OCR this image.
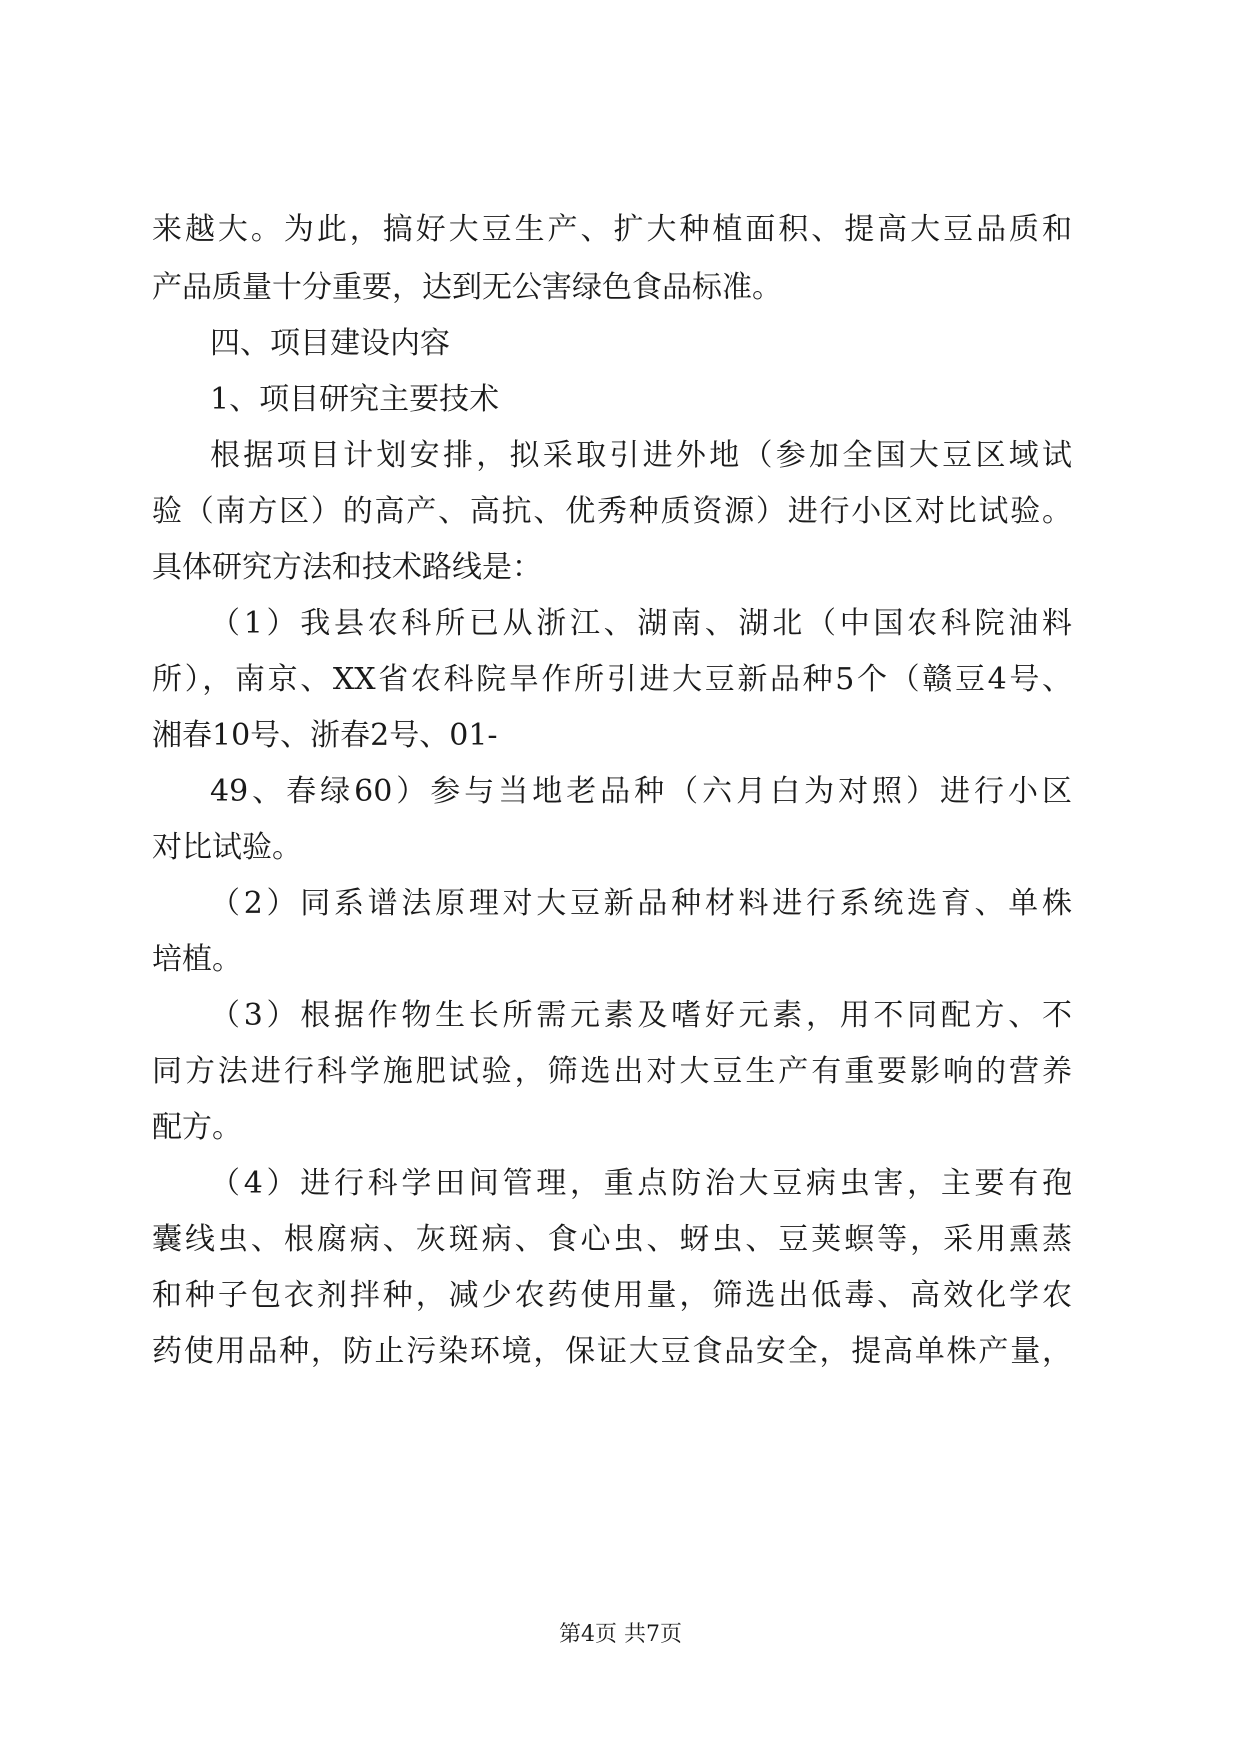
来越大。为此，搞好大豆生产、扩大种植面积、提高大豆品质和
产品质量十分重要，达到无公害绿色食品标准。
四、项目建设内容
1、项目研究主要技术
根据项目计划安排，拟采取引进外地（参加全国大豆区域试
验（南方区）的高产、高抗、优秀种质资源）进行小区对比试验。
具体研究方法和技术路线是：
（1）我县农科所已从浙江、湖南、湖北（中国农科院油料
所），南京、XX省农科院旱作所引进大豆新品种5个（赣豆4号、
湘春10号、浙春2号、01-
49、春绿60）参与当地老品种（六月白为对照）进行小区
对比试验。
（2）同系谱法原理对大豆新品种材料进行系统选育、单株
培植。
（3）根据作物生长所需元素及嗜好元素，用不同配方、不
同方法进行科学施肥试验，筛选出对大豆生产有重要影响的营养
配方。
（4）进行科学田间管理，重点防治大豆病虫害，主要有孢
囊线虫、根腐病、灰斑病、食心虫、蚜虫、豆荚螟等，采用熏蒸
和种子包衣剂拌种，减少农药使用量，筛选出低毒、高效化学农
药使用品种，防止污染环境，保证大豆食品安全，提高单株产量，
第4页 共7页
